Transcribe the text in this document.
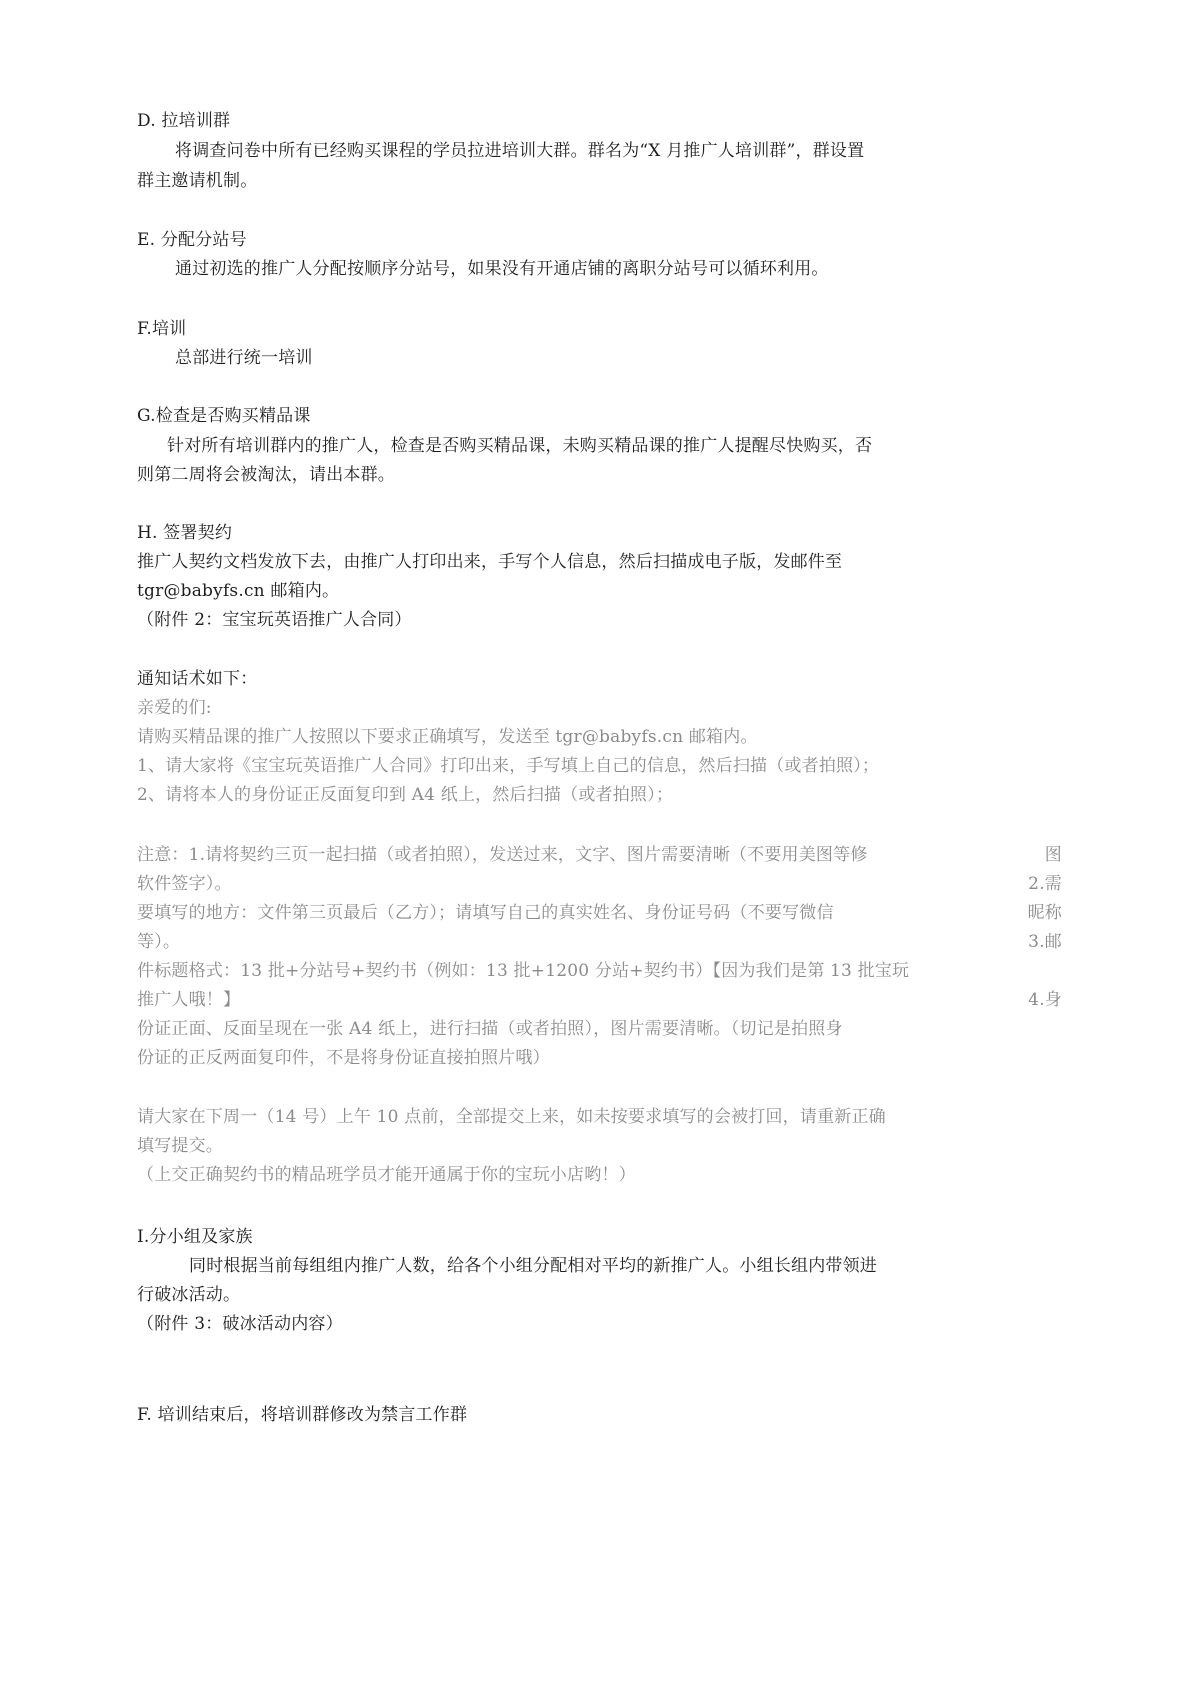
D. 拉培训群
将调查问卷中所有已经购买课程的学员拉进培训大群。群名为“X 月推广人培训群”，群设置
群主邀请机制。
E. 分配分站号
通过初选的推广人分配按顺序分站号，如果没有开通店铺的离职分站号可以循环利用。
F.培训
总部进行统一培训
G.检查是否购买精品课
针对所有培训群内的推广人，检查是否购买精品课，未购买精品课的推广人提醒尽快购买，否
则第二周将会被淘汰，请出本群。
H. 签署契约
推广人契约文档发放下去，由推广人打印出来，手写个人信息，然后扫描成电子版，发邮件至
tgr@babyfs.cn 邮箱内。
（附件 2：宝宝玩英语推广人合同）
通知话术如下：
亲爱的们:
请购买精品课的推广人按照以下要求正确填写，发送至 tgr@babyfs.cn 邮箱内。
1、请大家将《宝宝玩英语推广人合同》打印出来，手写填上自己的信息，然后扫描（或者拍照）；
2、请将本人的身份证正反面复印到 A4 纸上，然后扫描（或者拍照）；
注意：1.请将契约三页一起扫描（或者拍照），发送过来，文字、图片需要清晰（不要用美图等修	图
软件签字）。	2.需
要填写的地方：文件第三页最后（乙方）；请填写自己的真实姓名、身份证号码（不要写微信	昵称
等）。	3.邮
件标题格式：13 批+分站号+契约书（例如：13 批+1200 分站+契约书）【因为我们是第 13 批宝玩
推广人哦！】	4.身
份证正面、反面呈现在一张 A4 纸上，进行扫描（或者拍照），图片需要清晰。（切记是拍照身
份证的正反两面复印件，不是将身份证直接拍照片哦）
请大家在下周一（14 号）上午 10 点前，全部提交上来，如未按要求填写的会被打回，请重新正确
填写提交。
（上交正确契约书的精品班学员才能开通属于你的宝玩小店哟！）
I.分小组及家族
同时根据当前每组组内推广人数，给各个小组分配相对平均的新推广人。小组长组内带领进
行破冰活动。
（附件 3：破冰活动内容）
F. 培训结束后，将培训群修改为禁言工作群
